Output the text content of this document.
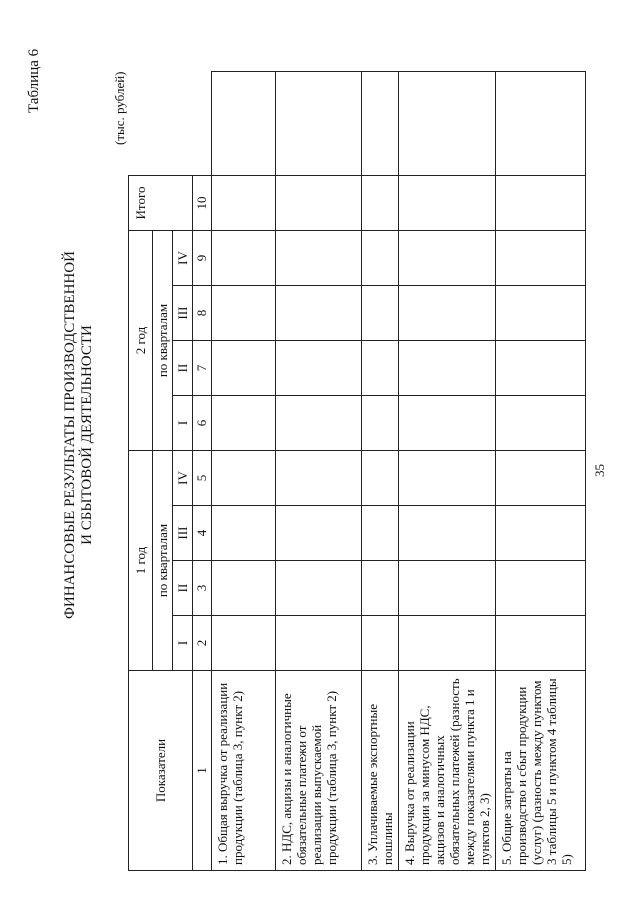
35
Таблица 6
ФИНАНСОВЫЕ РЕЗУЛЬТАТЫ ПРОИЗВОДСТВЕННОЙ И СБЫТОВОЙ ДЕЯТЕЛЬНОСТИ
(тыс. рублей)
Показатели	1 год				2 год				Итого	
	по кварталам				по кварталам					
	I	II	III	IV	I	II	III	IV		
1	2	3	4	5	6	7	8	9	10	
1. Общая выручка от реализации продукции (таблица 3, пункт 2)										
2. НДС, акцизы и аналогичные обязательные платежи от реализации выпускаемой продукции (таблица 3, пункт 2)										
3. Уплачиваемые экспортные пошлины										
4. Выручка от реализации продукции за минусом НДС, акцизов и аналогичных обязательных платежей (разность между показателями пункта 1 и пунктов 2, 3)										
5. Общие затраты на производство и сбыт продукции (услуг) (разность между пунктом 3 таблицы 5 и пунктом 4 таблицы 5)										
